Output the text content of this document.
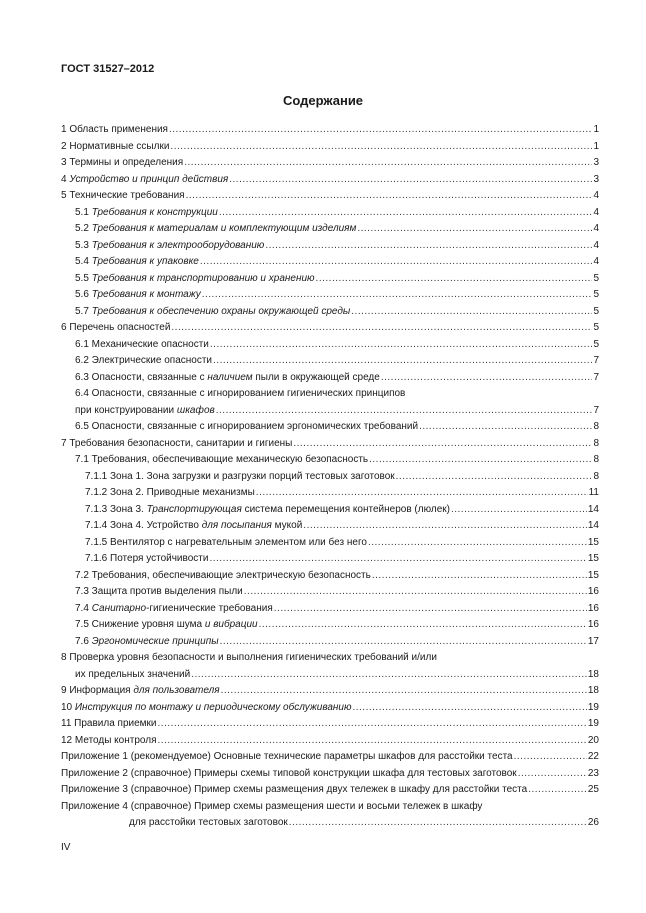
ГОСТ 31527–2012
Содержание
1 Область применения .....	1
2 Нормативные ссылки .....	1
3 Термины и определения .....	3
4 Устройство и принцип действия .....	3
5 Технические требования .....	4
5.1 Требования к конструкции .....	4
5.2 Требования к материалам и комплектующим изделиям .....	4
5.3 Требования к электрооборудованию .....	4
5.4 Требования к упаковке .....	4
5.5 Требования к транспортированию и хранению .....	5
5.6 Требования к монтажу .....	5
5.7 Требования к обеспечению охраны окружающей среды .....	5
6 Перечень опасностей .....	5
6.1 Механические опасности .....	5
6.2 Электрические опасности .....	7
6.3 Опасности, связанные с наличием пыли в окружающей среде .....	7
6.4 Опасности, связанные с игнорированием гигиенических принципов
при конструировании шкафов .....	7
6.5 Опасности, связанные с игнорированием эргономических требований .....	8
7 Требования безопасности, санитарии и гигиены .....	8
7.1 Требования, обеспечивающие механическую безопасность .....	8
7.1.1 Зона 1. Зона загрузки и разгрузки порций тестовых заготовок .....	8
7.1.2 Зона 2. Приводные механизмы .....	11
7.1.3 Зона 3. Транспортирующая система перемещения контейнеров (люлек) .....	14
7.1.4 Зона 4. Устройство для посыпания мукой .....	14
7.1.5 Вентилятор с нагревательным элементом или без него .....	15
7.1.6 Потеря устойчивости .....	15
7.2 Требования, обеспечивающие электрическую безопасность .....	15
7.3 Защита против выделения пыли .....	16
7.4 Санитарно-гигиенические требования .....	16
7.5 Снижение уровня шума и вибрации .....	16
7.6 Эргономические принципы .....	17
8 Проверка уровня безопасности и выполнения гигиенических требований и/или
их предельных значений .....	18
9 Информация для пользователя .....	18
10 Инструкция по монтажу и периодическому обслуживанию .....	19
11 Правила приемки .....	19
12 Методы контроля .....	20
Приложение 1 (рекомендуемое) Основные технические параметры шкафов для расстойки теста .....	22
Приложение 2 (справочное) Примеры схемы типовой конструкции шкафа для тестовых заготовок .....	23
Приложение 3 (справочное) Пример схемы размещения двух тележек в шкафу для расстойки теста .....	25
Приложение 4 (справочное) Пример схемы размещения шести и восьми тележек в шкафу
для расстойки тестовых заготовок .....	26
IV
